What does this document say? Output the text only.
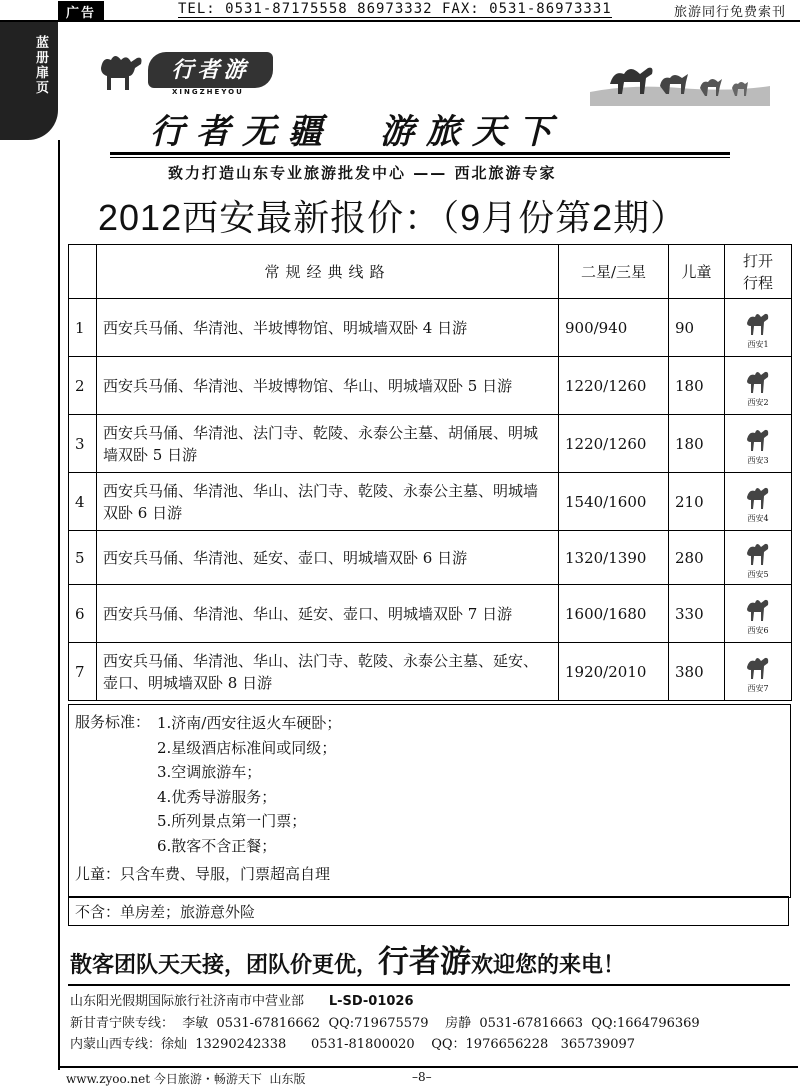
广告	TEL: 0531-87175558 86973332 FAX: 0531-86973331	旅游同行免费索刊
蓝册扉页
行者游
XINGZHEYOU
行者无疆　游旅天下
致力打造山东专业旅游批发中心 —— 西北旅游专家
2012西安最新报价：（9月份第2期）
	常规经典线路	二星/三星	儿童	打开行程
1	西安兵马俑、华清池、半坡博物馆、明城墙双卧 4 日游	900/940	90	西安1

2	西安兵马俑、华清池、半坡博物馆、华山、明城墙双卧 5 日游	1220/1260	180	西安2

3	西安兵马俑、华清池、法门寺、乾陵、永泰公主墓、胡俑展、明城墙双卧 5 日游	1220/1260	180	西安3

4	西安兵马俑、华清池、华山、法门寺、乾陵、永泰公主墓、明城墙双卧 6 日游	1540/1600	210	西安4

5	西安兵马俑、华清池、延安、壶口、明城墙双卧 6 日游	1320/1390	280	西安5

6	西安兵马俑、华清池、华山、延安、壶口、明城墙双卧 7 日游	1600/1680	330	西安6

7	西安兵马俑、华清池、华山、法门寺、乾陵、永泰公主墓、延安、壶口、明城墙双卧 8 日游	1920/2010	380	西安7
服务标准： 1.济南/西安往返火车硬卧；
2.星级酒店标准间或同级；
3.空调旅游车；
4.优秀导游服务；
5.所列景点第一门票；
6.散客不含正餐；
儿童：只含车费、导服，门票超高自理
不含：单房差；旅游意外险
散客团队天天接，团队价更优，行者游欢迎您的来电！
山东阳光假期国际旅行社济南市中营业部 L-SD-01026
新甘青宁陕专线：  李敏  0531-67816662  QQ:719675579    房静  0531-67816663  QQ:1664796369
内蒙山西专线：徐灿  13290242338      0531-81800020    QQ：1976656228   365739097
www.zyoo.net 今日旅游・畅游天下  山东版	–8–
